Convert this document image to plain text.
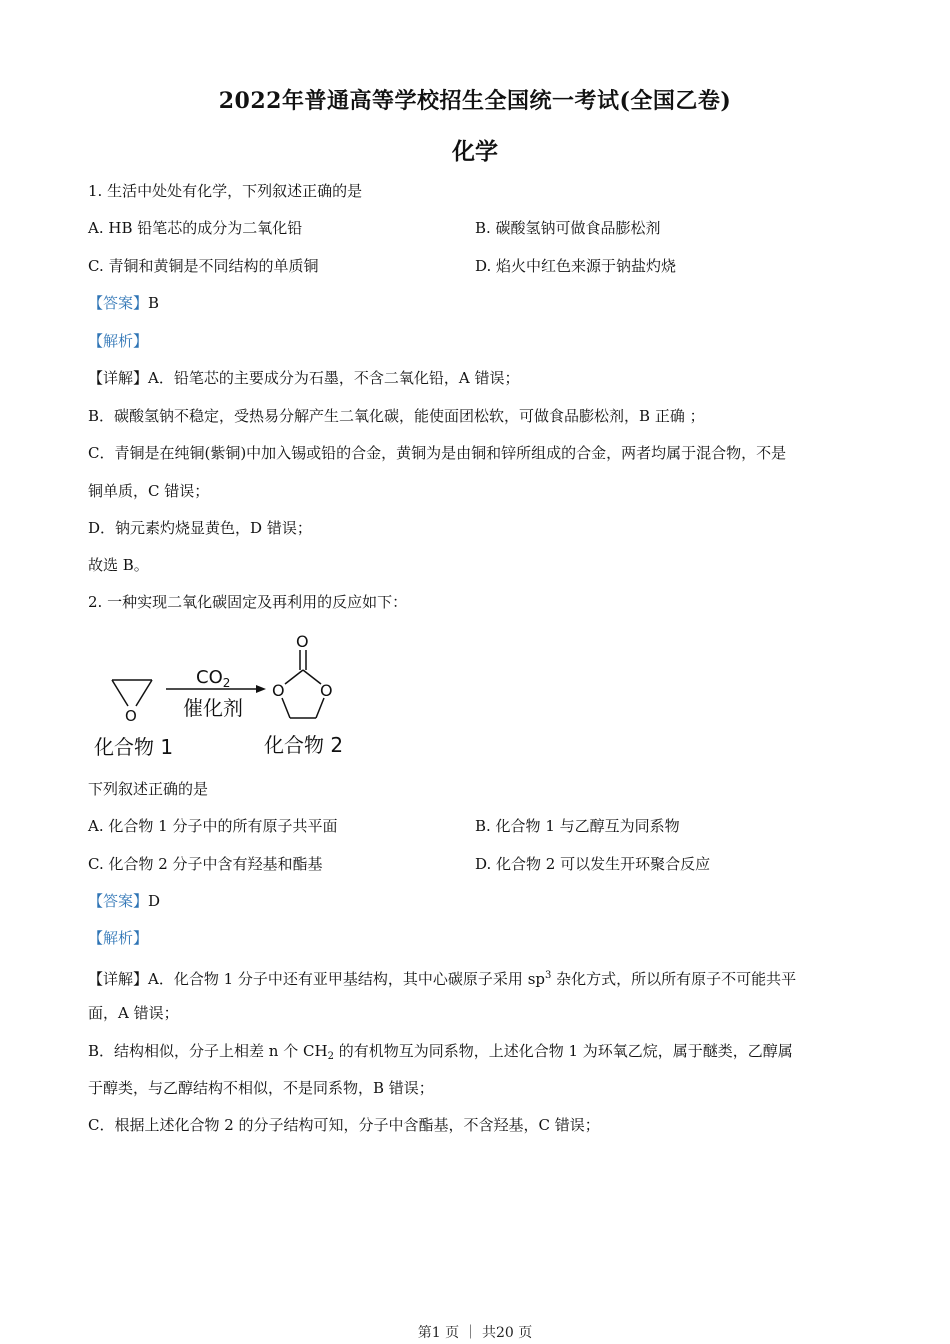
2022年普通高等学校招生全国统一考试(全国乙卷)
化学
1. 生活中处处有化学，下列叙述正确的是
A. HB 铅笔芯的成分为二氧化铅	B. 碳酸氢钠可做食品膨松剂
C. 青铜和黄铜是不同结构的单质铜	D. 焰火中红色来源于钠盐灼烧
【答案】B
【解析】
【详解】A．铅笔芯的主要成分为石墨，不含二氧化铅，A 错误；
B．碳酸氢钠不稳定，受热易分解产生二氧化碳，能使面团松软，可做食品膨松剂，B 正确 ；
C．青铜是在纯铜(紫铜)中加入锡或铅的合金，黄铜为是由铜和锌所组成的合金，两者均属于混合物，不是
铜单质，C 错误；
D．钠元素灼烧显黄色，D 错误；
故选 B。
2. 一种实现二氧化碳固定及再利用的反应如下：
O
$CO_2$
催化剂
O
O O
化合物 1	化合物 2
下列叙述正确的是
A. 化合物 1 分子中的所有原子共平面	B. 化合物 1 与乙醇互为同系物
C. 化合物 2 分子中含有羟基和酯基	D. 化合物 2 可以发生开环聚合反应
【答案】D
【解析】
【详解】A．化合物 1 分子中还有亚甲基结构，其中心碳原子采用 $sp^3$ 杂化方式，所以所有原子不可能共平
面，A 错误；
B．结构相似，分子上相差 n 个 $CH_2$ 的有机物互为同系物，上述化合物 1 为环氧乙烷，属于醚类，乙醇属
于醇类，与乙醇结构不相似，不是同系物，B 错误；
C．根据上述化合物 2 的分子结构可知，分子中含酯基，不含羟基，C 错误；
第1 页 ｜ 共20 页
